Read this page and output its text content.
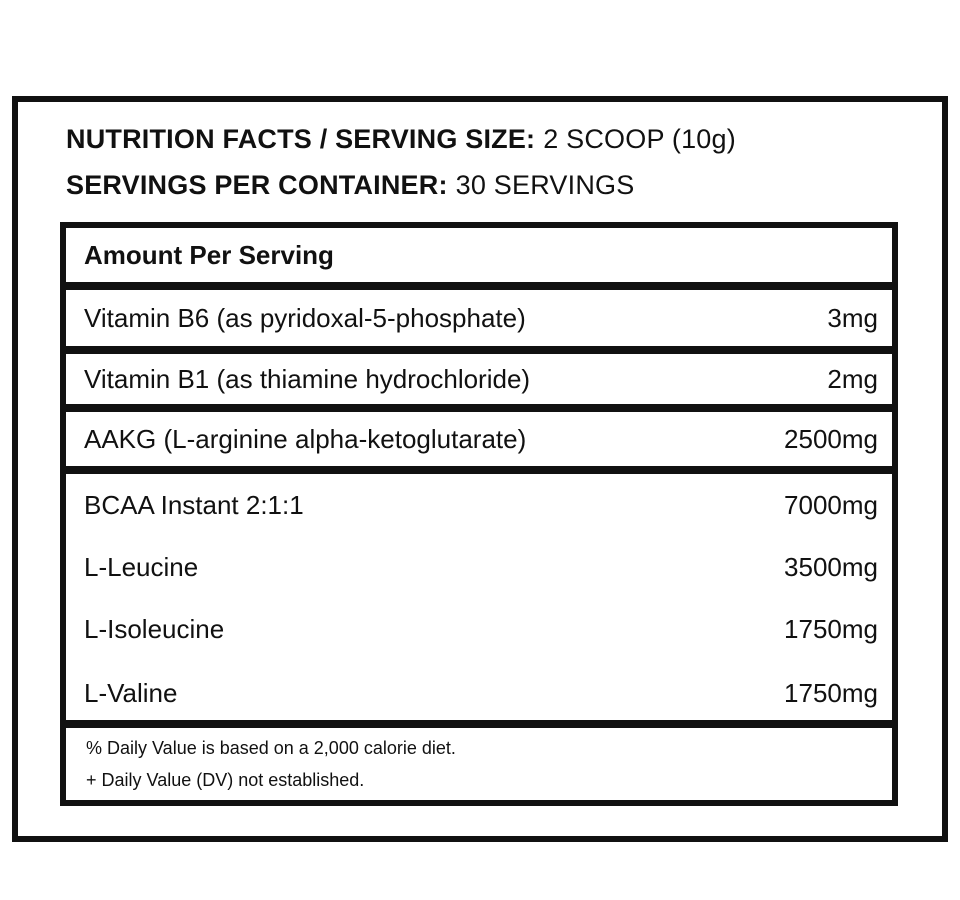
NUTRITION FACTS / SERVING SIZE: 2 SCOOP (10g)
SERVINGS PER CONTAINER: 30 SERVINGS
Amount Per Serving
Vitamin B6 (as pyridoxal-5-phosphate)	3mg
Vitamin B1 (as thiamine hydrochloride)	2mg
AAKG (L-arginine alpha-ketoglutarate)	2500mg
BCAA Instant 2:1:1	7000mg
L-Leucine	3500mg
L-Isoleucine	1750mg
L-Valine	1750mg
% Daily Value is based on a 2,000 calorie diet.
+ Daily Value (DV) not established.
